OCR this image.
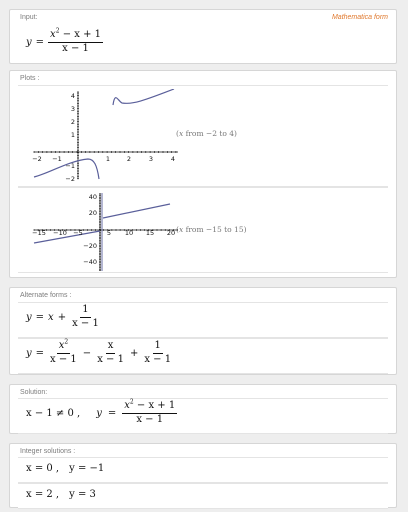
Input:	Mathematica form
$y = \frac{x^2 - x + 1}{x - 1}$
Plots :
−2 −1	1	2	3	4
4
3
2
1
−1
−2
(x from −2 to 4)
−15 −10 −5	5 10 15 20
40
20
−20
−40
(x from −15 to 15)
Alternate forms :
$y = x + \frac{1}{x - 1}$
$y = \frac{x^2}{x - 1} - \frac{x}{x - 1} + \frac{1}{x - 1}$
Solution:
x − 1 ≠ 0 , $y = \frac{x^2 - x + 1}{x - 1}$
Integer solutions :
x = 0 , y = −1
x = 2 , y = 3
